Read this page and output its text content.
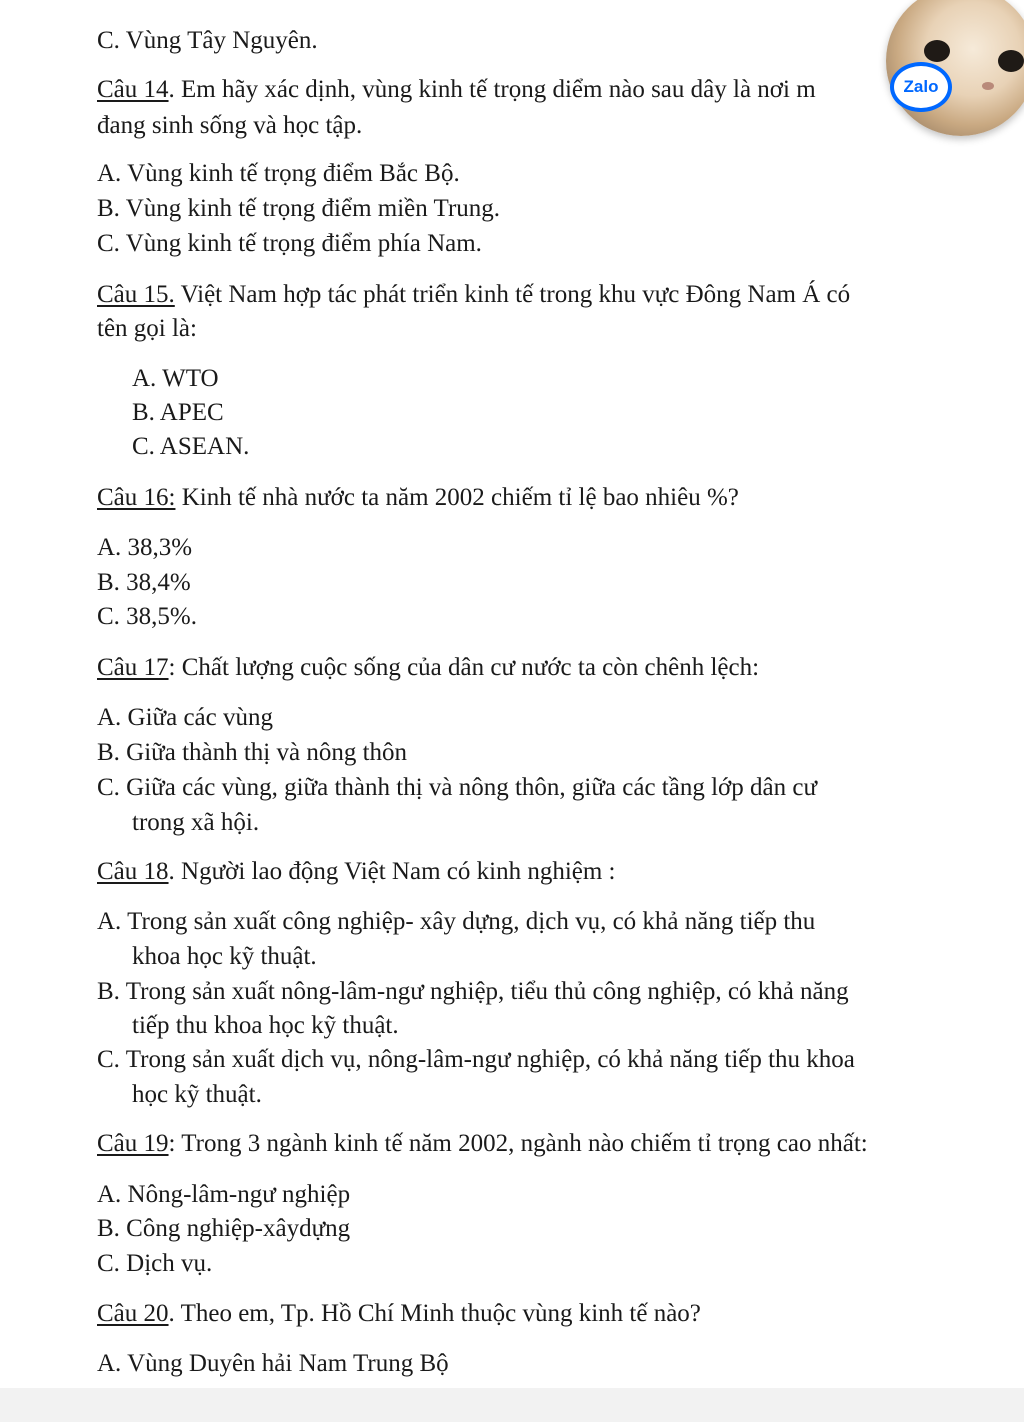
C. Vùng Tây Nguyên.
Câu 14. Em hãy xác dịnh, vùng kinh tế trọng diểm nào sau dây là nơi m
đang sinh sống và học tập.
A. Vùng kinh tế trọng điểm Bắc Bộ.
B. Vùng kinh tế trọng điểm miền Trung.
C. Vùng kinh tế trọng điểm phía Nam.
Câu 15. Việt Nam hợp tác phát triển kinh tế trong khu vực Đông Nam Á có
tên gọi là:
A. WTO
B. APEC
C. ASEAN.
Câu 16: Kinh tế nhà nước ta năm 2002 chiếm tỉ lệ bao nhiêu %?
A. 38,3%
B. 38,4%
C. 38,5%.
Câu 17: Chất lượng cuộc sống của dân cư nước ta còn chênh lệch:
A. Giữa các vùng
B. Giữa thành thị và nông thôn
C. Giữa các vùng, giữa thành thị và nông thôn, giữa các tầng lớp dân cư
trong xã hội.
Câu 18. Người lao động Việt Nam có kinh nghiệm :
A. Trong sản xuất công nghiệp- xây dựng, dịch vụ, có khả năng tiếp thu
khoa học kỹ thuật.
B. Trong sản xuất nông-lâm-ngư nghiệp, tiểu thủ công nghiệp, có khả năng
tiếp thu khoa học kỹ thuật.
C. Trong sản xuất dịch vụ, nông-lâm-ngư nghiệp, có khả năng tiếp thu khoa
học kỹ thuật.
Câu 19: Trong 3 ngành kinh tế năm 2002, ngành nào chiếm tỉ trọng cao nhất:
A. Nông-lâm-ngư nghiệp
B. Công nghiệp-xâydựng
C. Dịch vụ.
Câu 20. Theo em, Tp. Hồ Chí Minh thuộc vùng kinh tế nào?
A. Vùng Duyên hải Nam Trung Bộ
Zalo
